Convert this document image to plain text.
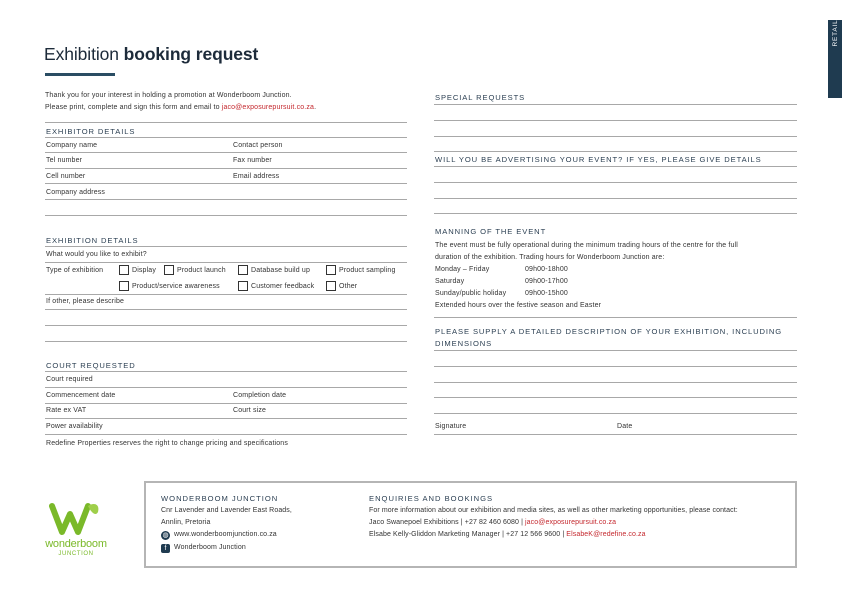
Exhibition booking request
RETAIL
Thank you for your interest in holding a promotion at Wonderboom Junction.
Please print, complete and sign this form and email to jaco@exposurepursuit.co.za.
EXHIBITOR DETAILS
Company name	Contact person
Tel number	Fax number
Cell number	Email address
Company address
EXHIBITION DETAILS
What would you like to exhibit?
Type of exhibition	Display	Product launch	Database build up	Product sampling
Product/service awareness	Customer feedback	Other
If other, please describe
COURT REQUESTED
Court required
Commencement date	Completion date
Rate ex VAT	Court size
Power availability
Redefine Properties reserves the right to change pricing and specifications
SPECIAL REQUESTS
WILL YOU BE ADVERTISING YOUR EVENT? IF YES, PLEASE GIVE DETAILS
MANNING OF THE EVENT
The event must be fully operational during the minimum trading hours of the centre for the full
duration of the exhibition. Trading hours for Wonderboom Junction are:
Monday – Friday	09h00-18h00
Saturday	09h00-17h00
Sunday/public holiday	09h00-15h00
Extended hours over the festive season and Easter
PLEASE SUPPLY A DETAILED DESCRIPTION OF YOUR EXHIBITION, INCLUDING
DIMENSIONS
Signature	Date
wonderboom
JUNCTION
WONDERBOOM JUNCTION
Cnr Lavender and Lavender East Roads,
Annlin, Pretoria
◍ www.wonderboomjunction.co.za
f	Wonderboom Junction
ENQUIRIES AND BOOKINGS
For more information about our exhibition and media sites, as well as other marketing opportunities, please contact:
Jaco Swanepoel Exhibitions | +27 82 460 6080 | jaco@exposurepursuit.co.za
Elsabe Kelly-Gliddon Marketing Manager | +27 12 566 9600 | ElsabeK@redefine.co.za
